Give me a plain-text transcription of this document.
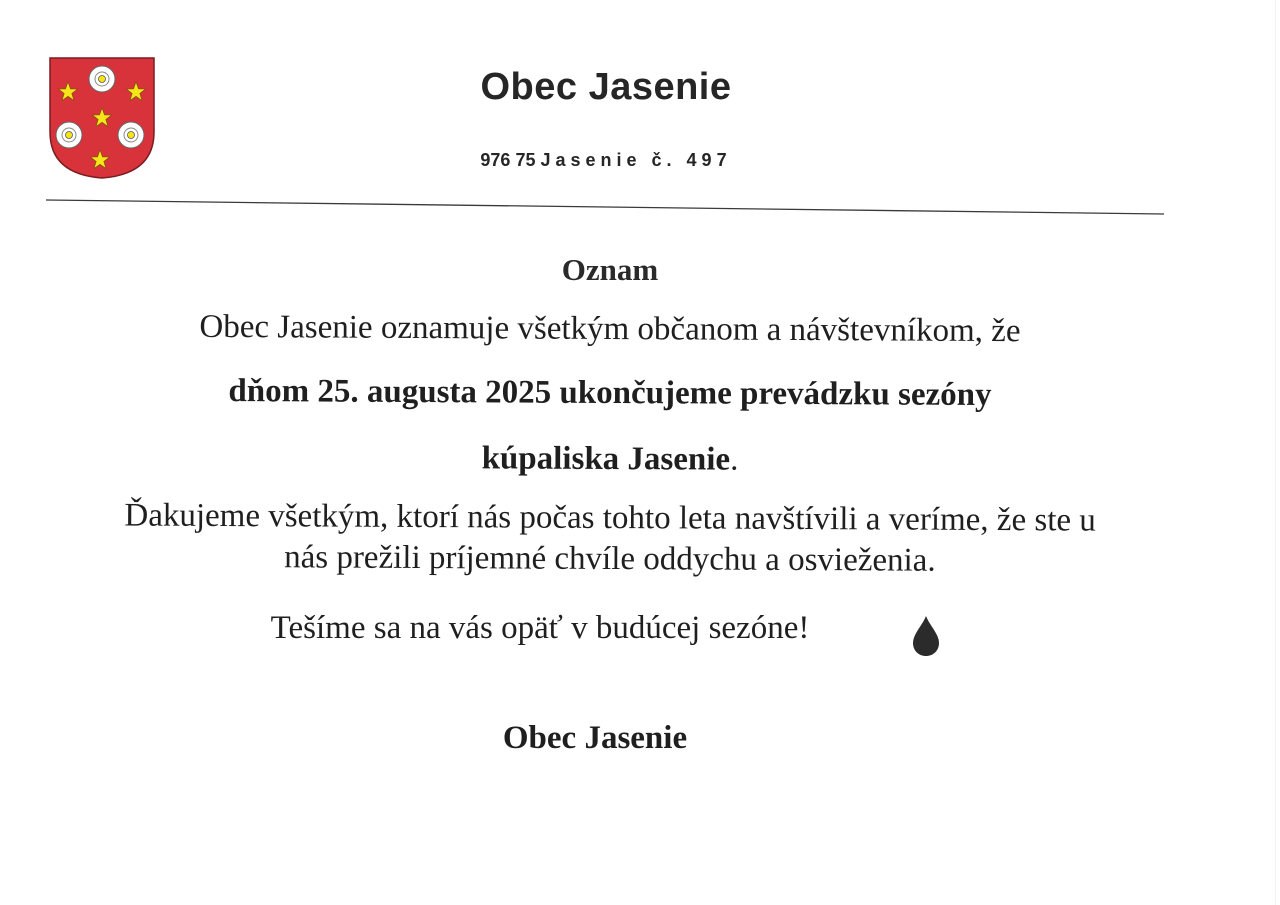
Obec Jasenie
976 75 Jasenie č. 497
Oznam
Obec Jasenie oznamuje všetkým občanom a návštevníkom, že
dňom 25. augusta 2025 ukončujeme prevádzku sezóny
kúpaliska Jasenie.
Ďakujeme všetkým, ktorí nás počas tohto leta navštívili a veríme, že ste u
nás prežili príjemné chvíle oddychu a osvieženia.
Tešíme sa na vás opäť v budúcej sezóne!
Obec Jasenie
